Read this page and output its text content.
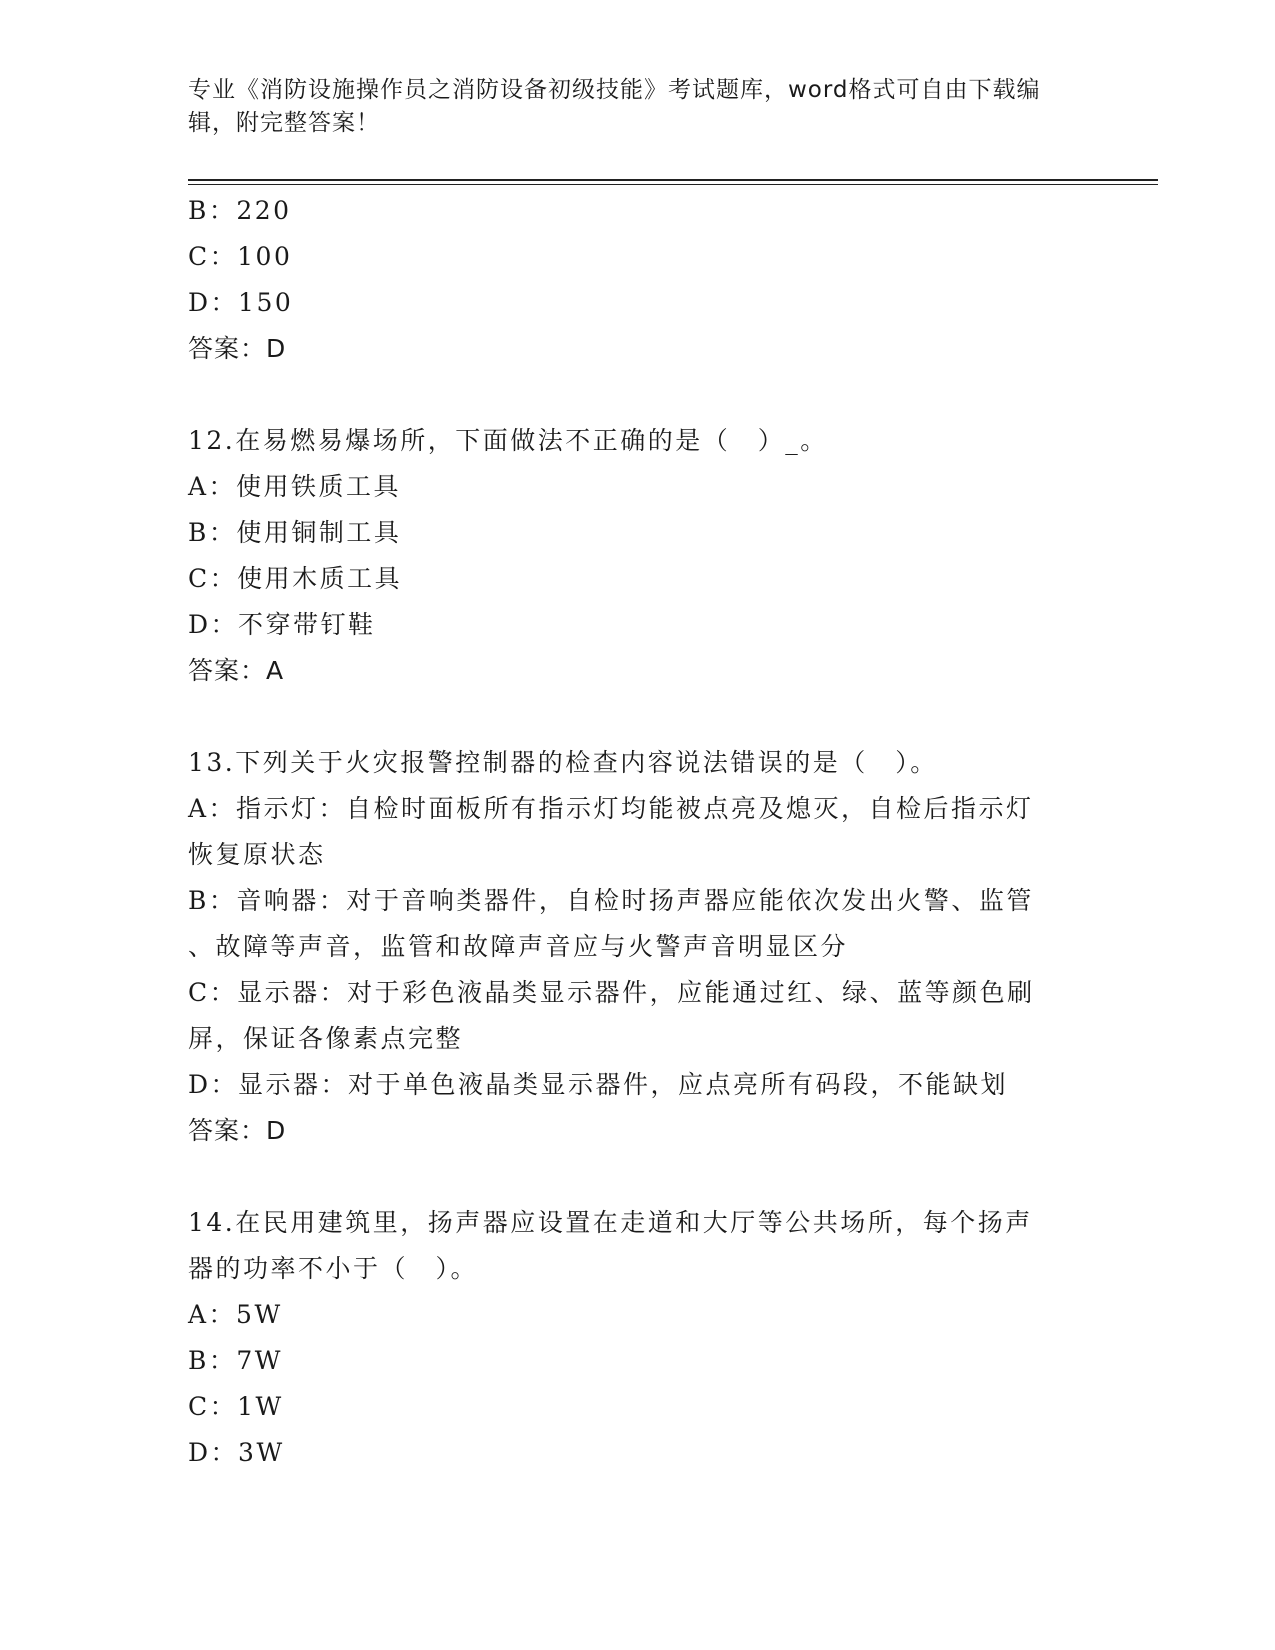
专业《消防设施操作员之消防设备初级技能》考试题库，word格式可自由下载编
辑，附完整答案！
B：220
C：100
D：150
答案：D
12.在易燃易爆场所，下面做法不正确的是（　）_。
A：使用铁质工具
B：使用铜制工具
C：使用木质工具
D：不穿带钉鞋
答案：A
13.下列关于火灾报警控制器的检查内容说法错误的是（　）。
A：指示灯：自检时面板所有指示灯均能被点亮及熄灭，自检后指示灯
恢复原状态
B：音响器：对于音响类器件，自检时扬声器应能依次发出火警、监管
、故障等声音，监管和故障声音应与火警声音明显区分
C：显示器：对于彩色液晶类显示器件，应能通过红、绿、蓝等颜色刷
屏，保证各像素点完整
D：显示器：对于单色液晶类显示器件，应点亮所有码段，不能缺划
答案：D
14.在民用建筑里，扬声器应设置在走道和大厅等公共场所，每个扬声
器的功率不小于（　）。
A：5W
B：7W
C：1W
D：3W
